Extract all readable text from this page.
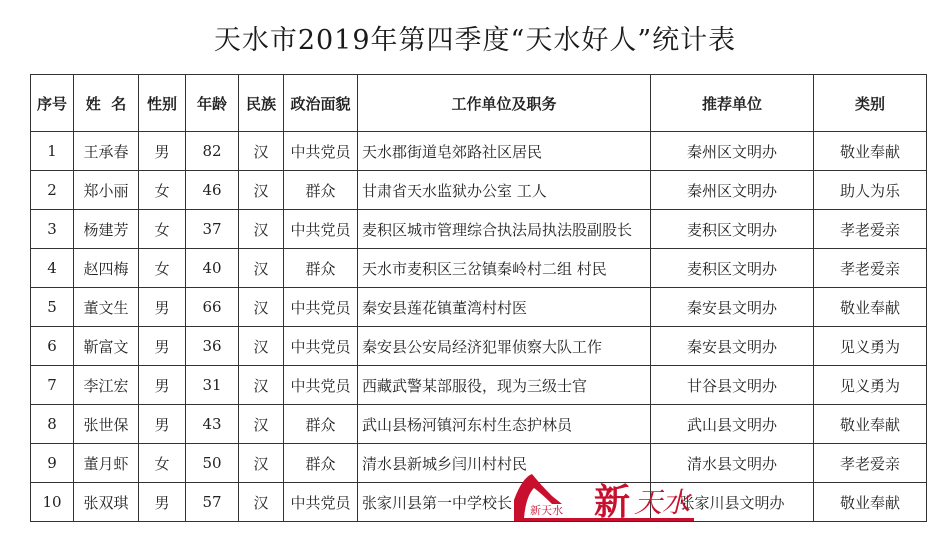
天水市2019年第四季度“天水好人”统计表
序号	姓  名	性别	年龄	民族	政治面貌	工作单位及职务	推荐单位	类别
1	王承春	男	82	汉	中共党员	天水郡街道皂郊路社区居民	秦州区文明办	敬业奉献
2	郑小丽	女	46	汉	群众	甘肃省天水监狱办公室 工人	秦州区文明办	助人为乐
3	杨建芳	女	37	汉	中共党员	麦积区城市管理综合执法局执法股副股长	麦积区文明办	孝老爱亲
4	赵四梅	女	40	汉	群众	天水市麦积区三岔镇秦岭村二组 村民	麦积区文明办	孝老爱亲
5	董文生	男	66	汉	中共党员	秦安县莲花镇董湾村村医	秦安县文明办	敬业奉献
6	靳富文	男	36	汉	中共党员	秦安县公安局经济犯罪侦察大队工作	秦安县文明办	见义勇为
7	李江宏	男	31	汉	中共党员	西藏武警某部服役，现为三级士官	甘谷县文明办	见义勇为
8	张世保	男	43	汉	群众	武山县杨河镇河东村生态护林员	武山县文明办	敬业奉献
9	董月虾	女	50	汉	群众	清水县新城乡闫川村村民	清水县文明办	孝老爱亲
10	张双琪	男	57	汉	中共党员	张家川县第一中学校长	张家川县文明办	敬业奉献
新天水 新 天水
